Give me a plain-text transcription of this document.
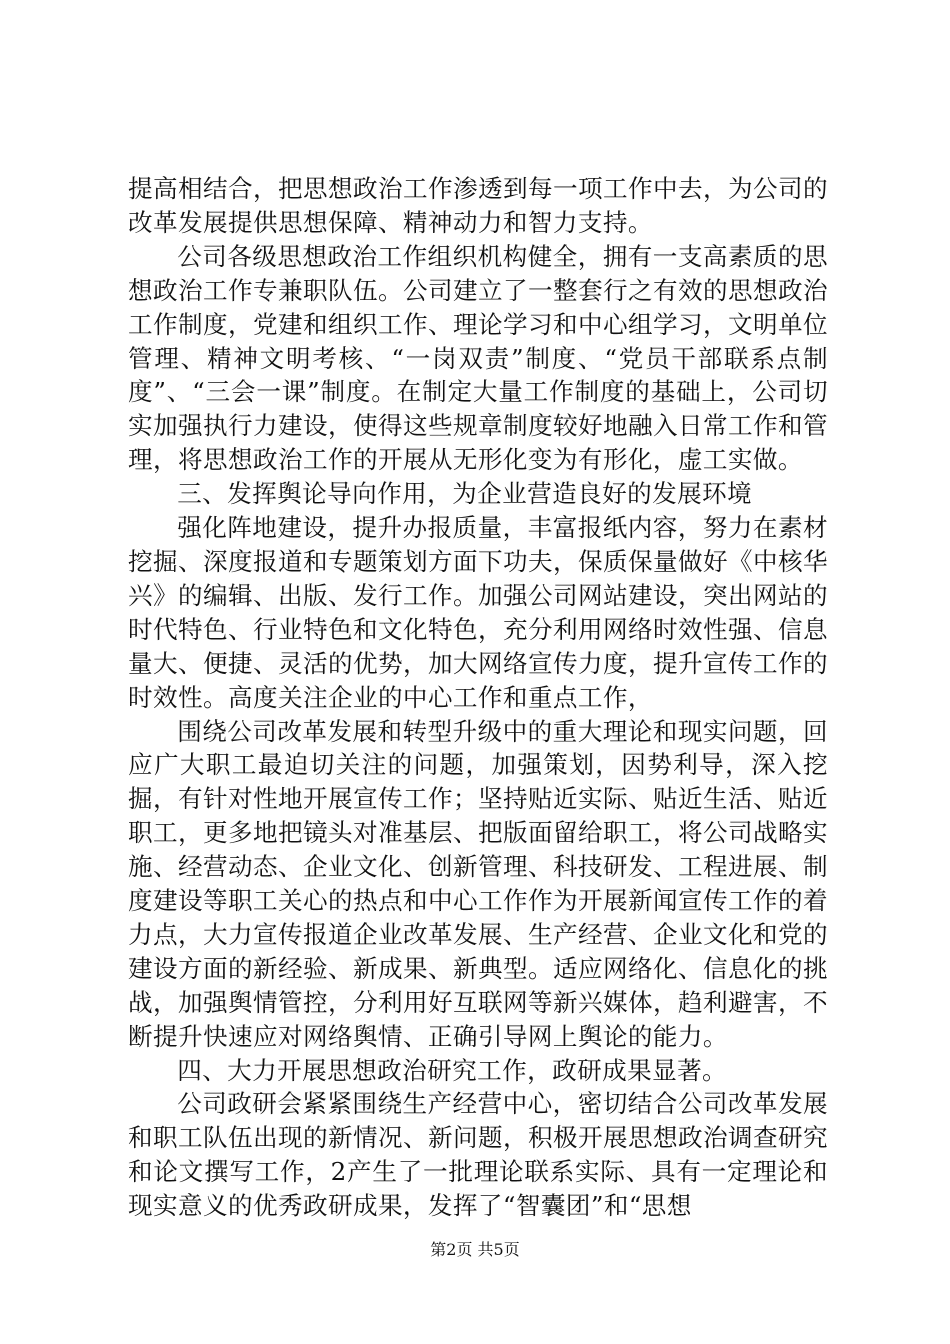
提高相结合，把思想政治工作渗透到每一项工作中去，为公司的改革发展提供思想保障、精神动力和智力支持。

公司各级思想政治工作组织机构健全，拥有一支高素质的思想政治工作专兼职队伍。公司建立了一整套行之有效的思想政治工作制度，党建和组织工作、理论学习和中心组学习，文明单位管理、精神文明考核、“一岗双责”制度、“党员干部联系点制度”、“三会一课”制度。在制定大量工作制度的基础上，公司切实加强执行力建设，使得这些规章制度较好地融入日常工作和管理，将思想政治工作的开展从无形化变为有形化，虚工实做。

三、发挥舆论导向作用，为企业营造良好的发展环境

强化阵地建设，提升办报质量，丰富报纸内容，努力在素材挖掘、深度报道和专题策划方面下功夫，保质保量做好《中核华兴》的编辑、出版、发行工作。加强公司网站建设，突出网站的时代特色、行业特色和文化特色，充分利用网络时效性强、信息量大、便捷、灵活的优势，加大网络宣传力度，提升宣传工作的时效性。高度关注企业的中心工作和重点工作，

围绕公司改革发展和转型升级中的重大理论和现实问题，回应广大职工最迫切关注的问题，加强策划，因势利导，深入挖掘，有针对性地开展宣传工作；坚持贴近实际、贴近生活、贴近职工，更多地把镜头对准基层、把版面留给职工，将公司战略实施、经营动态、企业文化、创新管理、科技研发、工程进展、制度建设等职工关心的热点和中心工作作为开展新闻宣传工作的着力点，大力宣传报道企业改革发展、生产经营、企业文化和党的建设方面的新经验、新成果、新典型。适应网络化、信息化的挑战，加强舆情管控，分利用好互联网等新兴媒体，趋利避害，不断提升快速应对网络舆情、正确引导网上舆论的能力。

四、大力开展思想政治研究工作，政研成果显著。

公司政研会紧紧围绕生产经营中心，密切结合公司改革发展和职工队伍出现的新情况、新问题，积极开展思想政治调查研究和论文撰写工作，2产生了一批理论联系实际、具有一定理论和现实意义的优秀政研成果，发挥了“智囊团”和“思想

第2页 共5页
